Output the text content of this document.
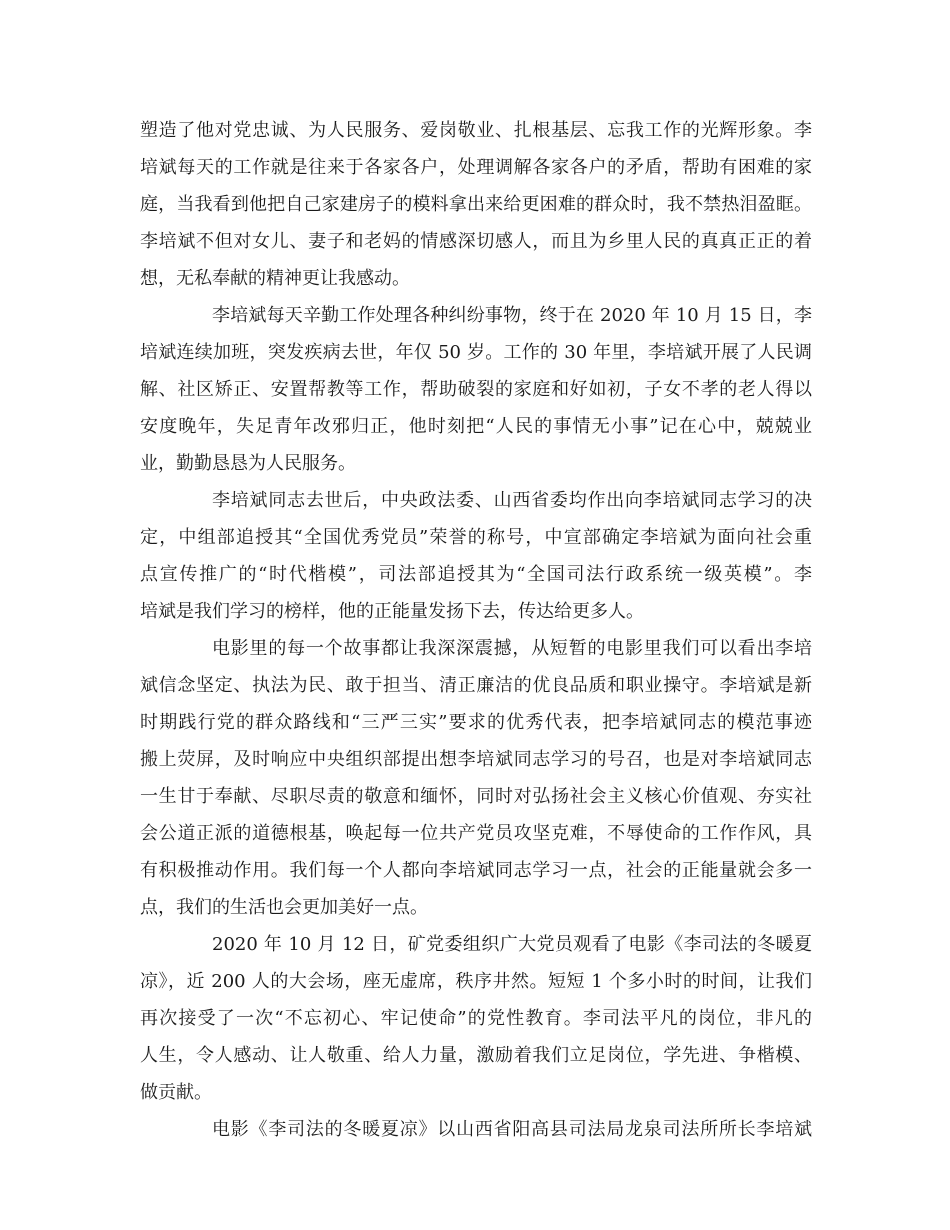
塑造了他对党忠诚、为人民服务、爱岗敬业、扎根基层、忘我工作的光辉形象。李
培斌每天的工作就是往来于各家各户，处理调解各家各户的矛盾，帮助有困难的家
庭，当我看到他把自己家建房子的模料拿出来给更困难的群众时，我不禁热泪盈眶。
李培斌不但对女儿、妻子和老妈的情感深切感人，而且为乡里人民的真真正正的着
想，无私奉献的精神更让我感动。
李培斌每天辛勤工作处理各种纠纷事物，终于在 2020 年 10 月 15 日，李
培斌连续加班，突发疾病去世，年仅 50 岁。工作的 30 年里，李培斌开展了人民调
解、社区矫正、安置帮教等工作，帮助破裂的家庭和好如初，子女不孝的老人得以
安度晚年，失足青年改邪归正，他时刻把“人民的事情无小事”记在心中，兢兢业
业，勤勤恳恳为人民服务。
李培斌同志去世后，中央政法委、山西省委均作出向李培斌同志学习的决
定，中组部追授其“全国优秀党员”荣誉的称号，中宣部确定李培斌为面向社会重
点宣传推广的“时代楷模”，司法部追授其为“全国司法行政系统一级英模”。李
培斌是我们学习的榜样，他的正能量发扬下去，传达给更多人。
电影里的每一个故事都让我深深震撼，从短暂的电影里我们可以看出李培
斌信念坚定、执法为民、敢于担当、清正廉洁的优良品质和职业操守。李培斌是新
时期践行党的群众路线和“三严三实”要求的优秀代表，把李培斌同志的模范事迹
搬上荧屏，及时响应中央组织部提出想李培斌同志学习的号召，也是对李培斌同志
一生甘于奉献、尽职尽责的敬意和缅怀，同时对弘扬社会主义核心价值观、夯实社
会公道正派的道德根基，唤起每一位共产党员攻坚克难，不辱使命的工作作风，具
有积极推动作用。我们每一个人都向李培斌同志学习一点，社会的正能量就会多一
点，我们的生活也会更加美好一点。
2020 年 10 月 12 日，矿党委组织广大党员观看了电影《李司法的冬暖夏
凉》，近 200 人的大会场，座无虚席，秩序井然。短短 1 个多小时的时间，让我们
再次接受了一次“不忘初心、牢记使命”的党性教育。李司法平凡的岗位，非凡的
人生，令人感动、让人敬重、给人力量，激励着我们立足岗位，学先进、争楷模、
做贡献。
电影《李司法的冬暖夏凉》以山西省阳高县司法局龙泉司法所所长李培斌
